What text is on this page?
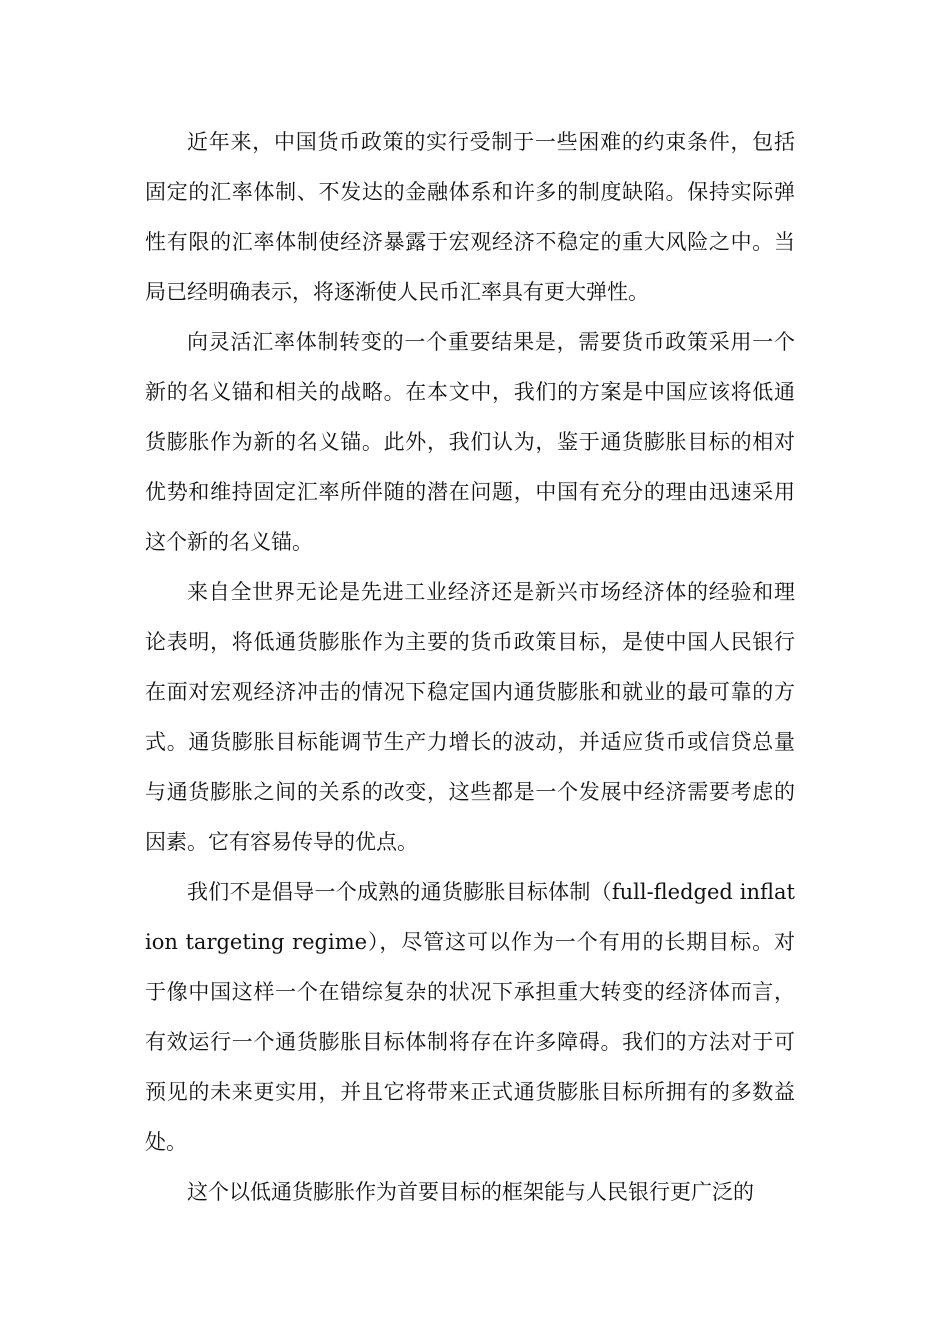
近年来，中国货币政策的实行受制于一些困难的约束条件，包括固定的汇率体制、不发达的金融体系和许多的制度缺陷。保持实际弹性有限的汇率体制使经济暴露于宏观经济不稳定的重大风险之中。当局已经明确表示，将逐渐使人民币汇率具有更大弹性。

向灵活汇率体制转变的一个重要结果是，需要货币政策采用一个新的名义锚和相关的战略。在本文中，我们的方案是中国应该将低通货膨胀作为新的名义锚。此外，我们认为，鉴于通货膨胀目标的相对优势和维持固定汇率所伴随的潜在问题，中国有充分的理由迅速采用这个新的名义锚。

来自全世界无论是先进工业经济还是新兴市场经济体的经验和理论表明，将低通货膨胀作为主要的货币政策目标，是使中国人民银行在面对宏观经济冲击的情况下稳定国内通货膨胀和就业的最可靠的方式。通货膨胀目标能调节生产力增长的波动，并适应货币或信贷总量与通货膨胀之间的关系的改变，这些都是一个发展中经济需要考虑的因素。它有容易传导的优点。

我们不是倡导一个成熟的通货膨胀目标体制（full-fledged inflation targeting regime），尽管这可以作为一个有用的长期目标。对于像中国这样一个在错综复杂的状况下承担重大转变的经济体而言，有效运行一个通货膨胀目标体制将存在许多障碍。我们的方法对于可预见的未来更实用，并且它将带来正式通货膨胀目标所拥有的多数益处。

这个以低通货膨胀作为首要目标的框架能与人民银行更广泛的
